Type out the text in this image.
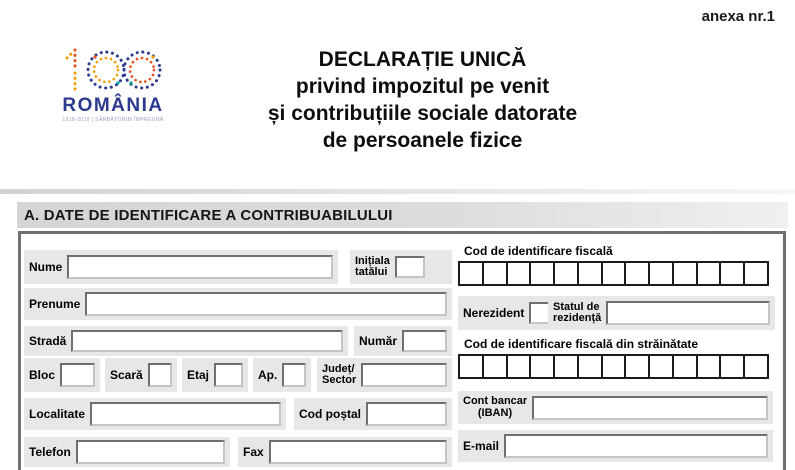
anexa nr.1
ROMÂNIA
1918-2018 | SĂRBĂTORIM ÎMPREUNĂ
DECLARAȚIE UNICĂ
privind impozitul pe venit
și contribuțiile sociale datorate
de persoanele fizice
A. DATE DE IDENTIFICARE A CONTRIBUABILULUI
Nume	Inițiala
tatălui
Prenume
Stradă	Număr
Bloc	Scară	Etaj	Ap.	Județ/
Sector
Localitate	Cod poștal
Telefon	Fax
Cod de identificare fiscală
Nerezident	Statul de
rezidență
Cod de identificare fiscală din străinătate
Cont bancar
(IBAN)
E-mail
